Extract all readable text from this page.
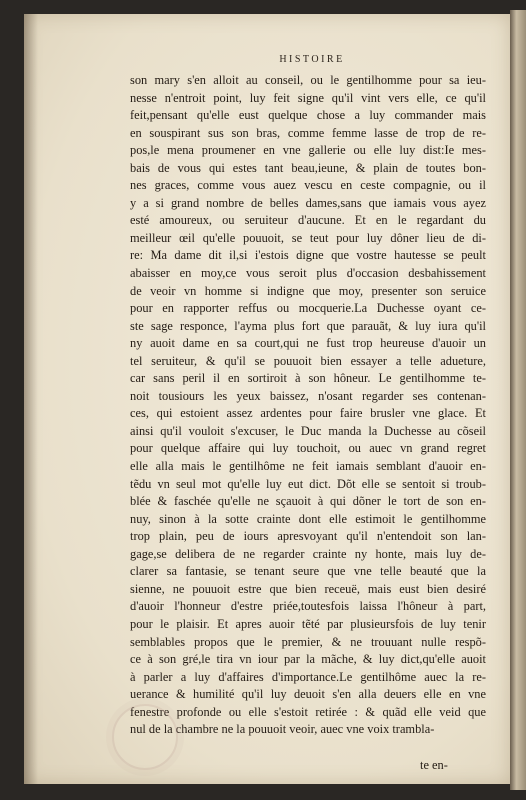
HISTOIRE
son mary s'en alloit au conseil, ou le gentilhomme pour sa ieu-
nesse n'entroit point, luy feit signe qu'il vint vers elle, ce qu'il
feit,pensant qu'elle eust quelque chose a luy commander mais
en souspirant sus son bras, comme femme lasse de trop de re-
pos,le mena proumener en vne gallerie ou elle luy dist:Ie mes-
bais de vous qui estes tant beau,ieune, & plain de toutes bon-
nes graces, comme vous auez vescu en ceste compagnie, ou il
y a si grand nombre de belles dames,sans que iamais vous ayez
esté amoureux, ou seruiteur d'aucune. Et en le regardant du
meilleur œil qu'elle pouuoit, se teut pour luy dôner lieu de di-
re: Ma dame dit il,si i'estois digne que vostre hautesse se peult
abaisser en moy,ce vous seroit plus d'occasion desbahissement
de veoir vn homme si indigne que moy, presenter son seruice
pour en rapporter reffus ou mocquerie.La Duchesse oyant ce-
ste sage responce, l'ayma plus fort que parauãt, & luy iura qu'il
ny auoit dame en sa court,qui ne fust trop heureuse d'auoir un
tel seruiteur, & qu'il se pouuoit bien essayer a telle adueture,
car sans peril il en sortiroit à son hôneur. Le gentilhomme te-
noit tousiours les yeux baissez, n'osant regarder ses contenan-
ces, qui estoient assez ardentes pour faire brusler vne glace. Et
ainsi qu'il vouloit s'excuser, le Duc manda la Duchesse au cõseil
pour quelque affaire qui luy touchoit, ou auec vn grand regret
elle alla mais le gentilhôme ne feit iamais semblant d'auoir en-
tẽdu vn seul mot qu'elle luy eut dict. Dõt elle se sentoit si troub-
blée & faschée qu'elle ne sçauoit à qui dõner le tort de son en-
nuy, sinon à la sotte crainte dont elle estimoit le gentilhomme
trop plain, peu de iours apresvoyant qu'il n'entendoit son lan-
gage,se delibera de ne regarder crainte ny honte, mais luy de-
clarer sa fantasie, se tenant seure que vne telle beauté que la
sienne, ne pouuoit estre que bien receuë, mais eust bien desiré
d'auoir l'honneur d'estre priée,toutesfois laissa l'hôneur à part,
pour le plaisir. Et apres auoir tẽté par plusieursfois de luy tenir
semblables propos que le premier, & ne trouuant nulle respõ-
ce à son gré,le tira vn iour par la mãche, & luy dict,qu'elle auoit
à parler a luy d'affaires d'importance.Le gentilhôme auec la re-
uerance & humilité qu'il luy deuoit s'en alla deuers elle en vne
fenestre profonde ou elle s'estoit retirée : & quãd elle veid que
nul de la chambre ne la pouuoit veoir, auec vne voix trambla-
te en-
